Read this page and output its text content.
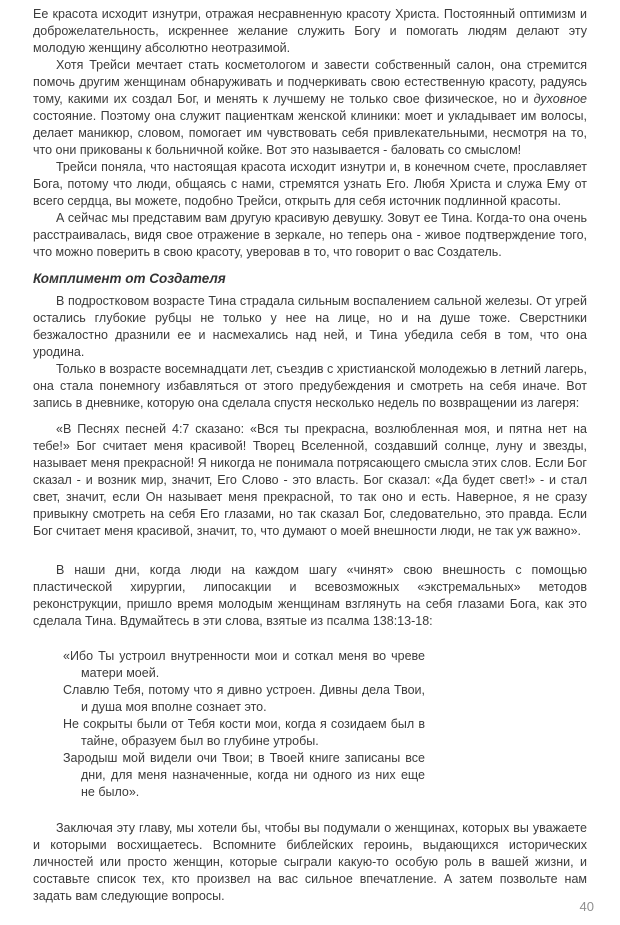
Ее красота исходит изнутри, отражая несравненную красоту Христа. Постоянный оптимизм и доброжелательность, искреннее желание служить Богу и помогать людям делают эту молодую женщину абсолютно неотразимой.

Хотя Трейси мечтает стать косметологом и завести собственный салон, она стремится помочь другим женщинам обнаруживать и подчеркивать свою естественную красоту, радуясь тому, какими их создал Бог, и менять к лучшему не только свое физическое, но и духовное состояние. Поэтому она служит пациенткам женской клиники: моет и укладывает им волосы, делает маникюр, словом, помогает им чувствовать себя привлекательными, несмотря на то, что они прикованы к больничной койке. Вот это называется - баловать со смыслом!

Трейси поняла, что настоящая красота исходит изнутри и, в конечном счете, прославляет Бога, потому что люди, общаясь с нами, стремятся узнать Его. Любя Христа и служа Ему от всего сердца, вы можете, подобно Трейси, открыть для себя источник подлинной красоты.

А сейчас мы представим вам другую красивую девушку. Зовут ее Тина. Когда-то она очень расстраивалась, видя свое отражение в зеркале, но теперь она - живое подтверждение того, что можно поверить в свою красоту, уверовав в то, что говорит о вас Создатель.

Комплимент от Создателя

В подростковом возрасте Тина страдала сильным воспалением сальной железы. От угрей остались глубокие рубцы не только у нее на лице, но и на душе тоже. Сверстники безжалостно дразнили ее и насмехались над ней, и Тина убедила себя в том, что она уродина.

Только в возрасте восемнадцати лет, съездив с христианской молодежью в летний лагерь, она стала понемногу избавляться от этого предубеждения и смотреть на себя иначе. Вот запись в дневнике, которую она сделала спустя несколько недель по возвращении из лагеря:

«В Песнях песней 4:7 сказано: «Вся ты прекрасна, возлюбленная моя, и пятна нет на тебе!» Бог считает меня красивой! Творец Вселенной, создавший солнце, луну и звезды, называет меня прекрасной! Я никогда не понимала потрясающего смысла этих слов. Если Бог сказал - и возник мир, значит, Его Слово - это власть. Бог сказал: «Да будет свет!» - и стал свет, значит, если Он называет меня прекрасной, то так оно и есть. Наверное, я не сразу привыкну смотреть на себя Его глазами, но так сказал Бог, следовательно, это правда. Если Бог считает меня красивой, значит, то, что думают о моей внешности люди, не так уж важно».

В наши дни, когда люди на каждом шагу «чинят» свою внешность с помощью пластической хирургии, липосакции и всевозможных «экстремальных» методов реконструкции, пришло время молодым женщинам взглянуть на себя глазами Бога, как это сделала Тина. Вдумайтесь в эти слова, взятые из псалма 138:13-18:

«Ибо Ты устроил внутренности мои и соткал меня во чреве матери моей.

Славлю Тебя, потому что я дивно устроен. Дивны дела Твои, и душа моя вполне сознает это.

Не сокрыты были от Тебя кости мои, когда я созидаем был в тайне, образуем был во глубине утробы.

Зародыш мой видели очи Твои; в Твоей книге записаны все дни, для меня назначенные, когда ни одного из них еще не было».

Заключая эту главу, мы хотели бы, чтобы вы подумали о женщинах, которых вы уважаете и которыми восхищаетесь. Вспомните библейских героинь, выдающихся исторических личностей или просто женщин, которые сыграли какую-то особую роль в вашей жизни, и составьте список тех, кто произвел на вас сильное впечатление. А затем позвольте нам задать вам следующие вопросы.

40
